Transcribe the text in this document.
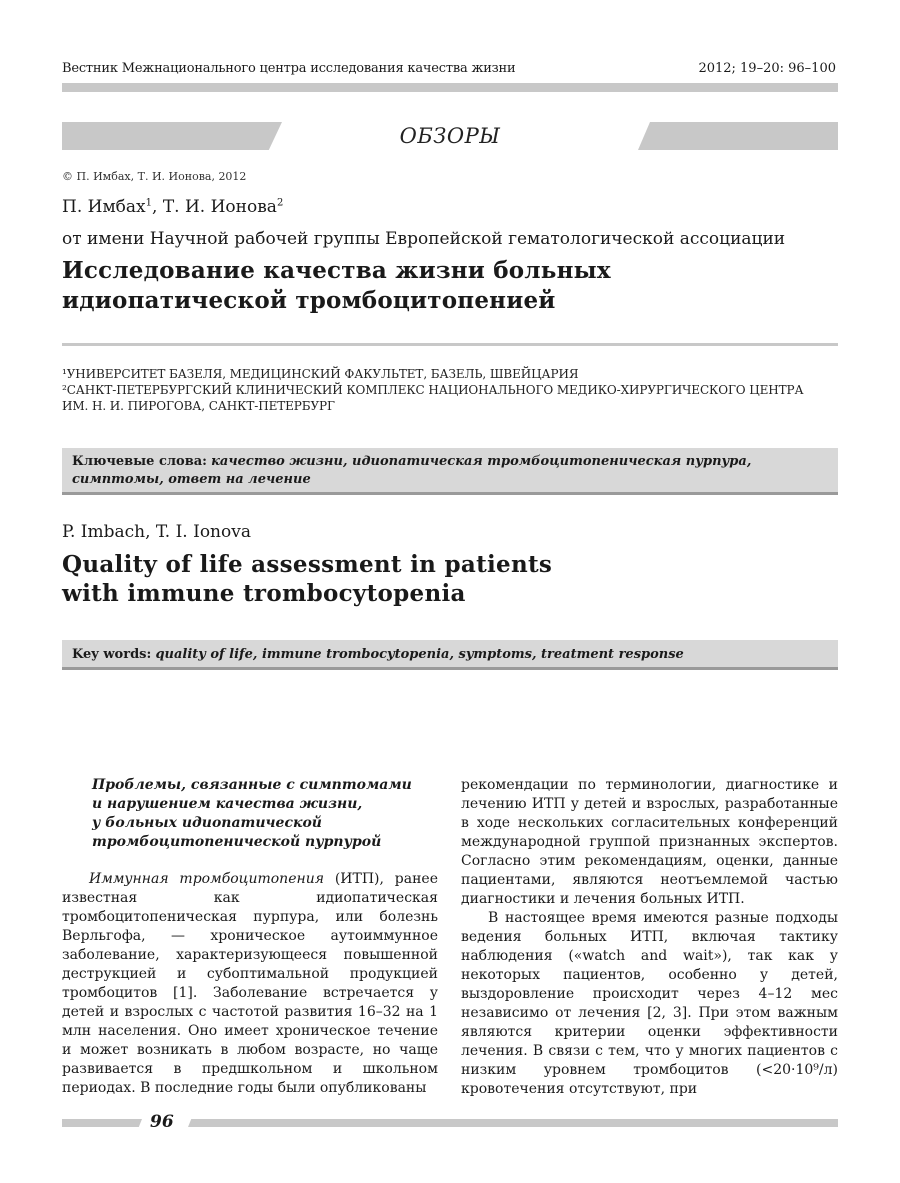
Вестник Межнационального центра исследования качества жизни	2012; 19–20: 96–100
ОБЗОРЫ
© П. Имбах, Т. И. Ионова, 2012
П. Имбах$^1$, Т. И. Ионова$^2$
от имени Научной рабочей группы Европейской гематологической ассоциации
Исследование качества жизни больных
идиопатической тромбоцитопенией
¹УНИВЕРСИТЕТ БАЗЕЛЯ, МЕДИЦИНСКИЙ ФАКУЛЬТЕТ, БАЗЕЛЬ, ШВЕЙЦАРИЯ
²САНКТ-ПЕТЕРБУРГСКИЙ КЛИНИЧЕСКИЙ КОМПЛЕКС НАЦИОНАЛЬНОГО МЕДИКО-ХИРУРГИЧЕСКОГО ЦЕНТРА
ИМ. Н. И. ПИРОГОВА, САНКТ-ПЕТЕРБУРГ
Ключевые слова: качество жизни, идиопатическая тромбоцитопеническая пурпура,
симптомы, ответ на лечение
P. Imbach, T. I. Ionova
Quality of life assessment in patients
with immune trombocytopenia
Key words: quality of life, immune trombocytopenia, symptoms, treatment response
Проблемы, связанные с симптомами
и нарушением качества жизни,
у больных идиопатической
тромбоцитопенической пурпурой

Иммунная тромбоцитопения (ИТП), ранее известная как идиопатическая тромбоцитопеническая пурпура, или болезнь Верльгофа, — хроническое аутоиммунное заболевание, характеризующееся повышенной деструкцией и субоптимальной продукцией тромбоцитов [1]. Заболевание встречается у детей и взрослых с частотой развития 16–32 на 1 млн населения. Оно имеет хроническое течение и может возникать в любом возрасте, но чаще развивается в предшкольном и школьном периодах. В последние годы были опубликованы

рекомендации по терминологии, диагностике и лечению ИТП у детей и взрослых, разработанные в ходе нескольких согласительных конференций международной группой признанных экспертов. Согласно этим рекомендациям, оценки, данные пациентами, являются неотъемлемой частью диагностики и лечения больных ИТП.

В настоящее время имеются разные подходы ведения больных ИТП, включая тактику наблюдения («watch and wait»), так как у некоторых пациентов, особенно у детей, выздоровление происходит через 4–12 мес независимо от лечения [2, 3]. При этом важным являются критерии оценки эффективности лечения. В связи с тем, что у многих пациентов с низким уровнем тромбоцитов (<20·10⁹/л) кровотечения отсутствуют, при

96
